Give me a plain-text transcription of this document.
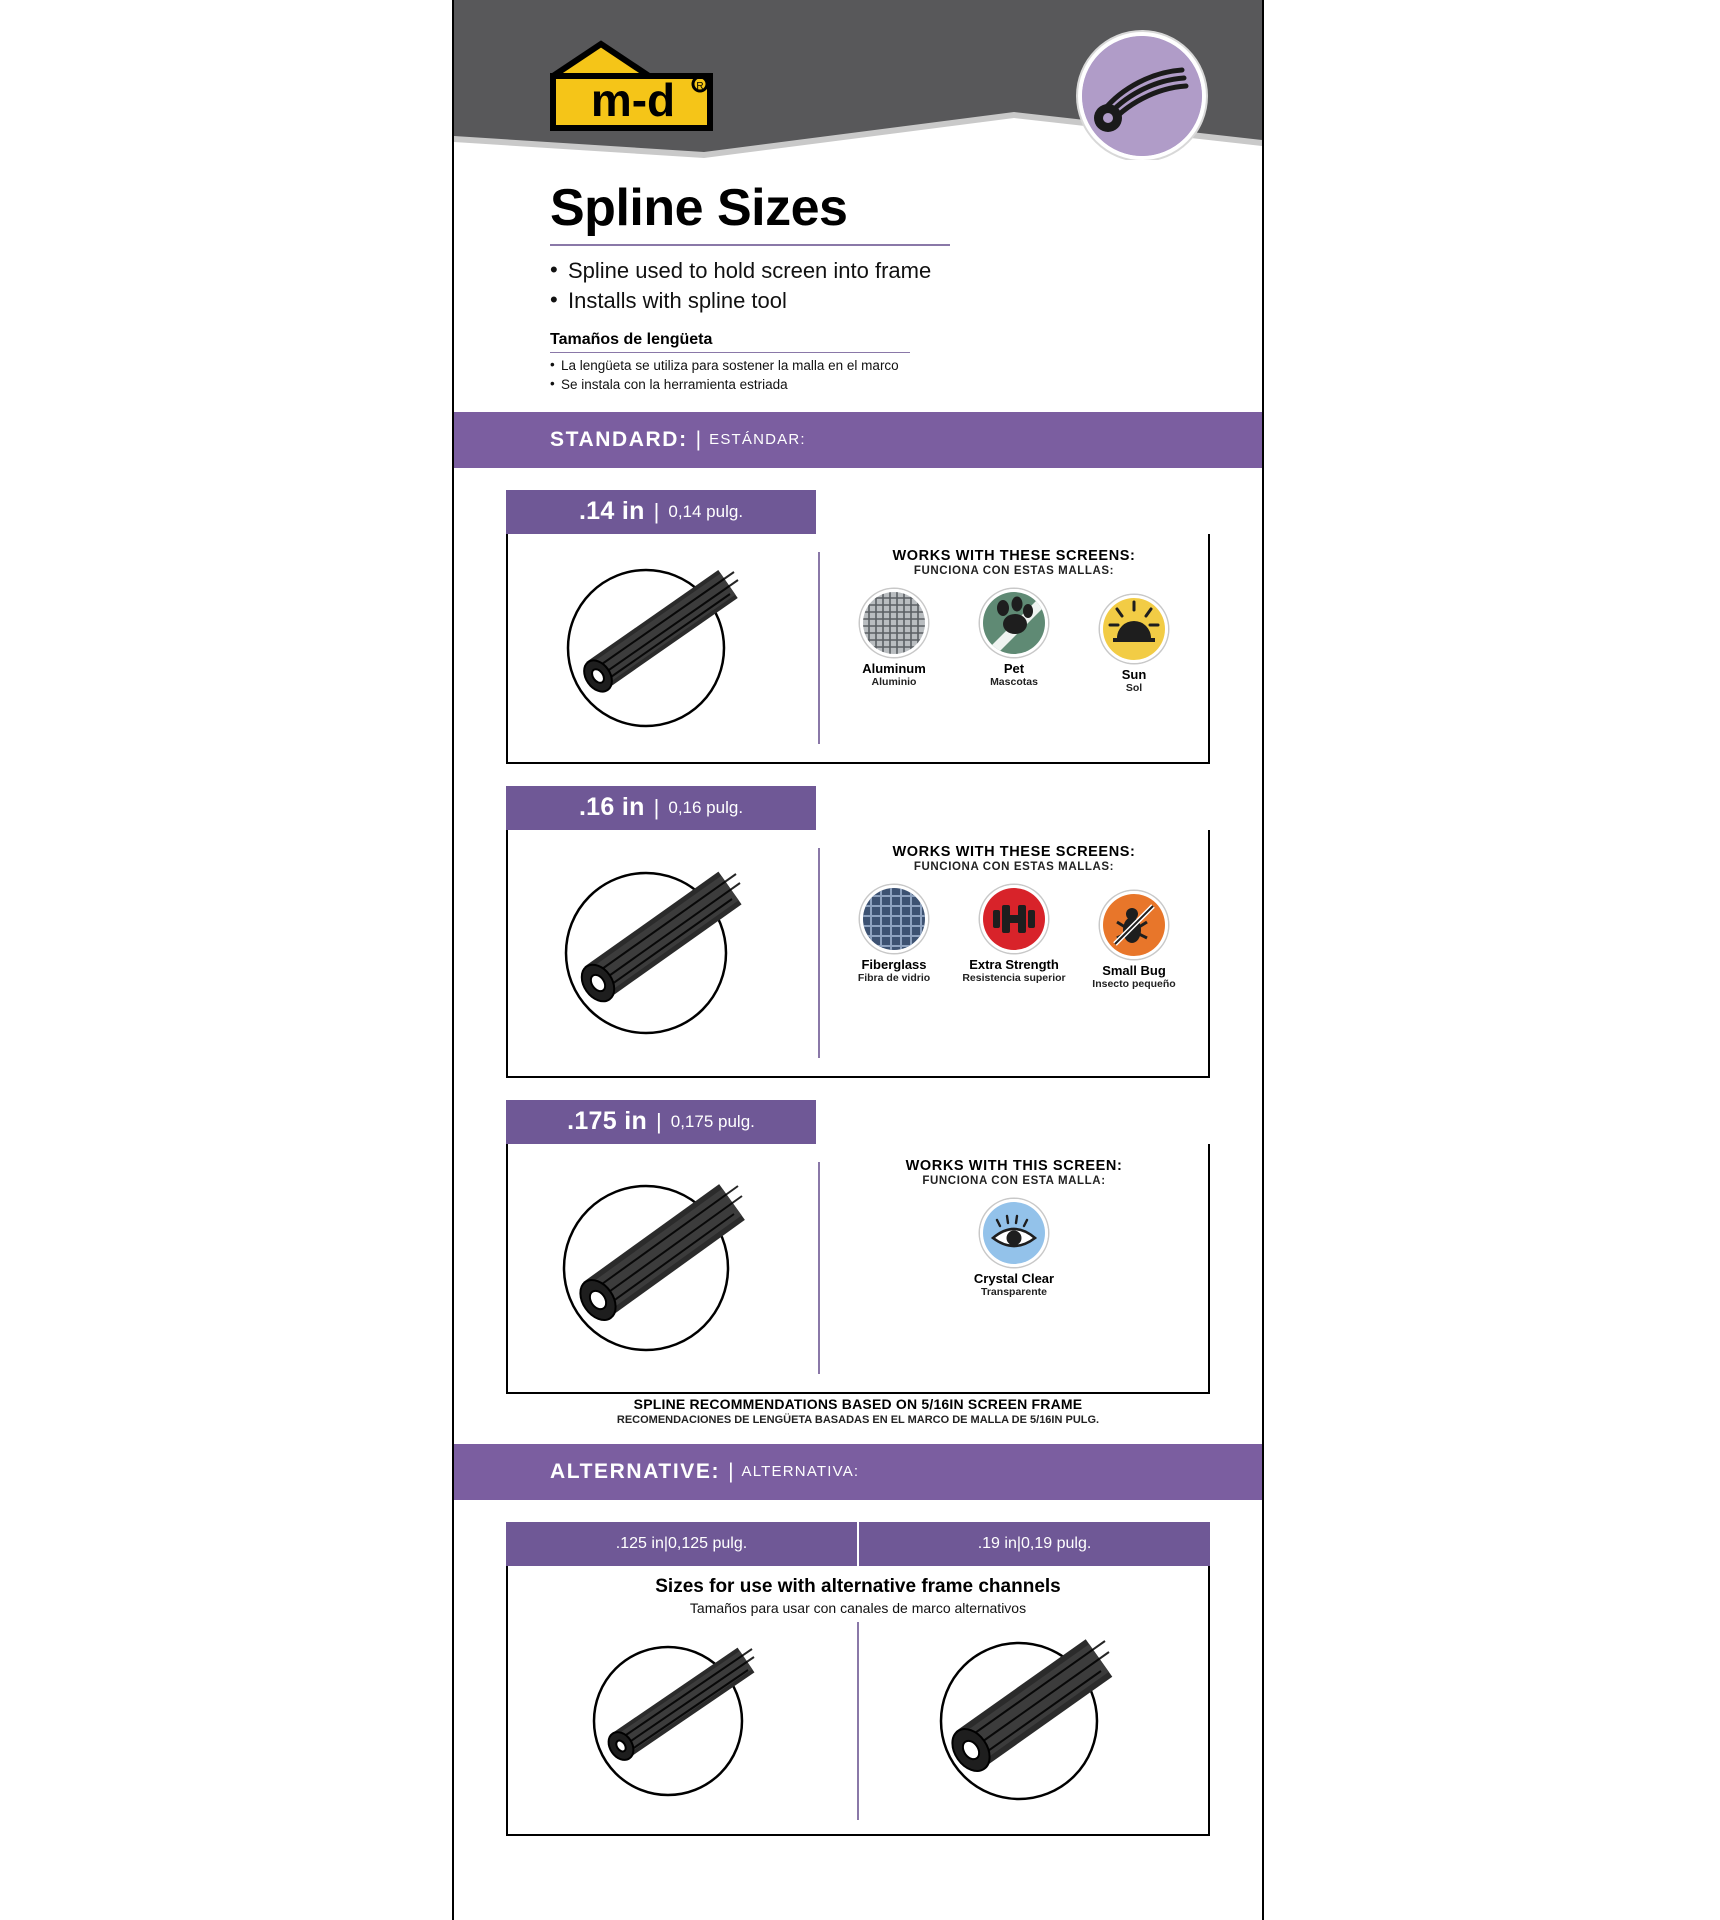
m-d R
Spline Sizes
• Spline used to hold screen into frame
• Installs with spline tool
Tamaños de lengüeta
• La lengüeta se utiliza para sostener la malla en el marco
• Se instala con la herramienta estriada
STANDARD: | ESTÁNDAR:
.14 in | 0,14 pulg.
WORKS WITH THESE SCREENS:
FUNCIONA CON ESTAS MALLAS:
Aluminum
Aluminio
Pet
Mascotas
Sun
Sol
.16 in | 0,16 pulg.
WORKS WITH THESE SCREENS:
FUNCIONA CON ESTAS MALLAS:
Fiberglass
Fibra de vidrio
Extra Strength
Resistencia superior
Small Bug
Insecto pequeño
.175 in | 0,175 pulg.
WORKS WITH THIS SCREEN:
FUNCIONA CON ESTA MALLA:
Crystal Clear
Transparente
SPLINE RECOMMENDATIONS BASED ON 5/16IN SCREEN FRAME
RECOMENDACIONES DE LENGÜETA BASADAS EN EL MARCO DE MALLA DE 5/16IN PULG.
ALTERNATIVE: | ALTERNATIVA:
.125 in | 0,125 pulg.	.19 in | 0,19 pulg.
Sizes for use with alternative frame channels
Tamaños para usar con canales de marco alternativos
